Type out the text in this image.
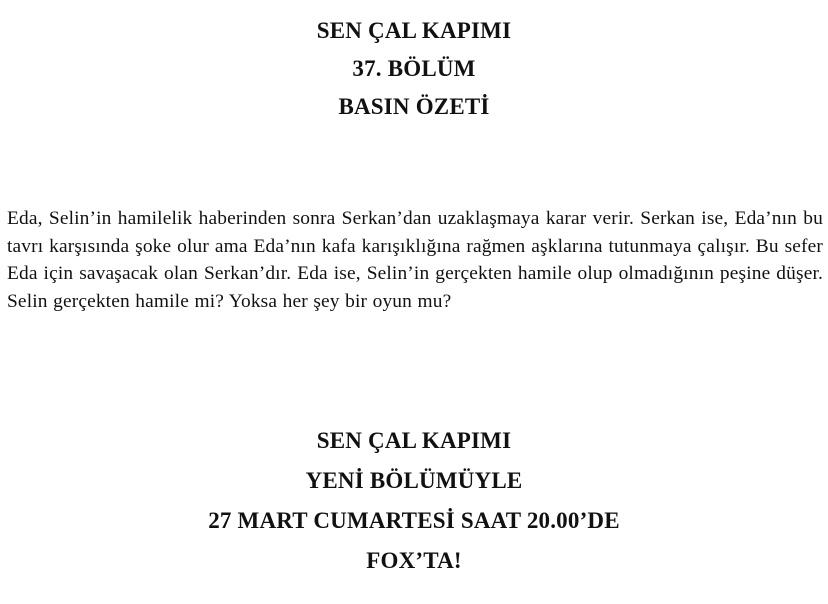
SEN ÇAL KAPIMI
37. BÖLÜM
BASIN ÖZETİ
Eda, Selin’in hamilelik haberinden sonra Serkan’dan uzaklaşmaya karar verir. Serkan ise, Eda’nın bu tavrı karşısında şoke olur ama Eda’nın kafa karışıklığına rağmen aşklarına tutunmaya çalışır. Bu sefer Eda için savaşacak olan Serkan’dır. Eda ise, Selin’in gerçekten hamile olup olmadığının peşine düşer. Selin gerçekten hamile mi? Yoksa her şey bir oyun mu?
SEN ÇAL KAPIMI
YENİ BÖLÜMÜYLE
27 MART CUMARTESİ SAAT 20.00’DE
FOX’TA!
